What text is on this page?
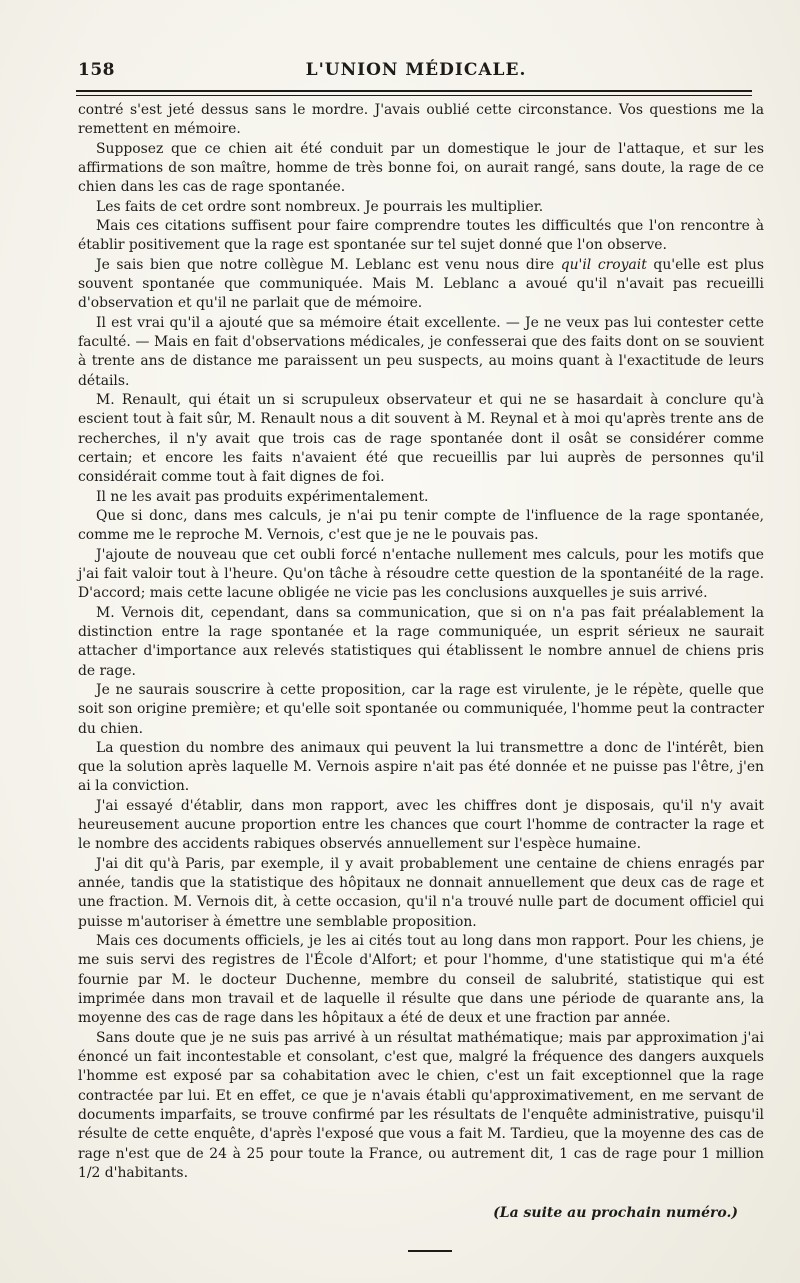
158	L'UNION MÉDICALE.

contré s'est jeté dessus sans le mordre. J'avais oublié cette circonstance. Vos questions me la remettent en mémoire.

Supposez que ce chien ait été conduit par un domestique le jour de l'attaque, et sur les affirmations de son maître, homme de très bonne foi, on aurait rangé, sans doute, la rage de ce chien dans les cas de rage spontanée.

Les faits de cet ordre sont nombreux. Je pourrais les multiplier.

Mais ces citations suffisent pour faire comprendre toutes les difficultés que l'on rencontre à établir positivement que la rage est spontanée sur tel sujet donné que l'on observe.

Je sais bien que notre collègue M. Leblanc est venu nous dire qu'il croyait qu'elle est plus souvent spontanée que communiquée. Mais M. Leblanc a avoué qu'il n'avait pas recueilli d'observation et qu'il ne parlait que de mémoire.

Il est vrai qu'il a ajouté que sa mémoire était excellente. — Je ne veux pas lui contester cette faculté. — Mais en fait d'observations médicales, je confesserai que des faits dont on se souvient à trente ans de distance me paraissent un peu suspects, au moins quant à l'exactitude de leurs détails.

M. Renault, qui était un si scrupuleux observateur et qui ne se hasardait à conclure qu'à escient tout à fait sûr, M. Renault nous a dit souvent à M. Reynal et à moi qu'après trente ans de recherches, il n'y avait que trois cas de rage spontanée dont il osât se considérer comme certain; et encore les faits n'avaient été que recueillis par lui auprès de personnes qu'il considérait comme tout à fait dignes de foi.

Il ne les avait pas produits expérimentalement.

Que si donc, dans mes calculs, je n'ai pu tenir compte de l'influence de la rage spontanée, comme me le reproche M. Vernois, c'est que je ne le pouvais pas.

J'ajoute de nouveau que cet oubli forcé n'entache nullement mes calculs, pour les motifs que j'ai fait valoir tout à l'heure. Qu'on tâche à résoudre cette question de la spontanéité de la rage. D'accord; mais cette lacune obligée ne vicie pas les conclusions auxquelles je suis arrivé.

M. Vernois dit, cependant, dans sa communication, que si on n'a pas fait préalablement la distinction entre la rage spontanée et la rage communiquée, un esprit sérieux ne saurait attacher d'importance aux relevés statistiques qui établissent le nombre annuel de chiens pris de rage.

Je ne saurais souscrire à cette proposition, car la rage est virulente, je le répète, quelle que soit son origine première; et qu'elle soit spontanée ou communiquée, l'homme peut la contracter du chien.

La question du nombre des animaux qui peuvent la lui transmettre a donc de l'intérêt, bien que la solution après laquelle M. Vernois aspire n'ait pas été donnée et ne puisse pas l'être, j'en ai la conviction.

J'ai essayé d'établir, dans mon rapport, avec les chiffres dont je disposais, qu'il n'y avait heureusement aucune proportion entre les chances que court l'homme de contracter la rage et le nombre des accidents rabiques observés annuellement sur l'espèce humaine.

J'ai dit qu'à Paris, par exemple, il y avait probablement une centaine de chiens enragés par année, tandis que la statistique des hôpitaux ne donnait annuellement que deux cas de rage et une fraction. M. Vernois dit, à cette occasion, qu'il n'a trouvé nulle part de document officiel qui puisse m'autoriser à émettre une semblable proposition.

Mais ces documents officiels, je les ai cités tout au long dans mon rapport. Pour les chiens, je me suis servi des registres de l'École d'Alfort; et pour l'homme, d'une statistique qui m'a été fournie par M. le docteur Duchenne, membre du conseil de salubrité, statistique qui est imprimée dans mon travail et de laquelle il résulte que dans une période de quarante ans, la moyenne des cas de rage dans les hôpitaux a été de deux et une fraction par année.

Sans doute que je ne suis pas arrivé à un résultat mathématique; mais par approximation j'ai énoncé un fait incontestable et consolant, c'est que, malgré la fréquence des dangers auxquels l'homme est exposé par sa cohabitation avec le chien, c'est un fait exceptionnel que la rage contractée par lui. Et en effet, ce que je n'avais établi qu'approximativement, en me servant de documents imparfaits, se trouve confirmé par les résultats de l'enquête administrative, puisqu'il résulte de cette enquête, d'après l'exposé que vous a fait M. Tardieu, que la moyenne des cas de rage n'est que de 24 à 25 pour toute la France, ou autrement dit, 1 cas de rage pour 1 million 1/2 d'habitants.

(La suite au prochain numéro.)
